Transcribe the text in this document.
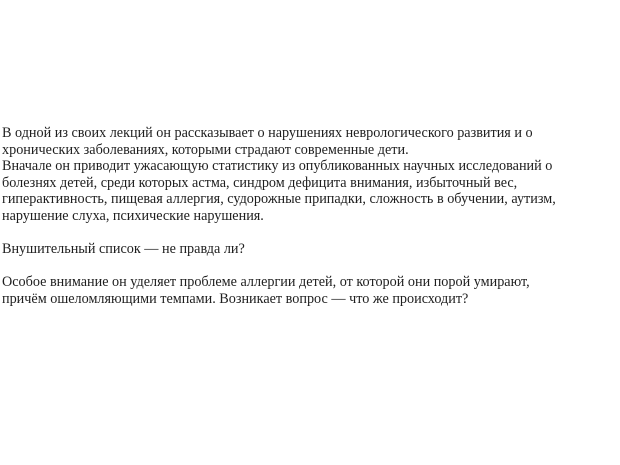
В одной из своих лекций он рассказывает о нарушениях неврологического развития и о

хронических заболеваниях, которыми страдают современные дети.

Вначале он приводит ужасающую статистику из опубликованных научных исследований о

болезнях детей, среди которых астма, синдром дефицита внимания, избыточный вес,

гиперактивность, пищевая аллергия, судорожные припадки, сложность в обучении, аутизм,

нарушение слуха, психические нарушения.

Внушительный список — не правда ли?

Особое внимание он уделяет проблеме аллергии детей, от которой они порой умирают,

причём ошеломляющими темпами. Возникает вопрос — что же происходит?
